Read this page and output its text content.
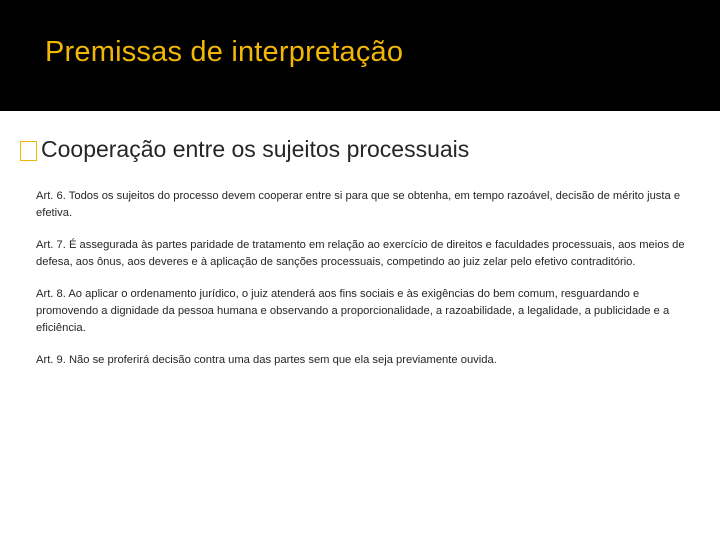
Premissas de interpretação
Cooperação entre os sujeitos processuais

Art. 6. Todos os sujeitos do processo devem cooperar entre si para que se obtenha, em tempo razoável, decisão de mérito justa e efetiva.

Art. 7. É assegurada às partes paridade de tratamento em relação ao exercício de direitos e faculdades processuais, aos meios de defesa, aos ônus, aos deveres e à aplicação de sanções processuais, competindo ao juiz zelar pelo efetivo contraditório.

Art. 8. Ao aplicar o ordenamento jurídico, o juiz atenderá aos fins sociais e às exigências do bem comum, resguardando e promovendo a dignidade da pessoa humana e observando a proporcionalidade, a razoabilidade, a legalidade, a publicidade e a eficiência.

Art. 9. Não se proferirá decisão contra uma das partes sem que ela seja previamente ouvida.
